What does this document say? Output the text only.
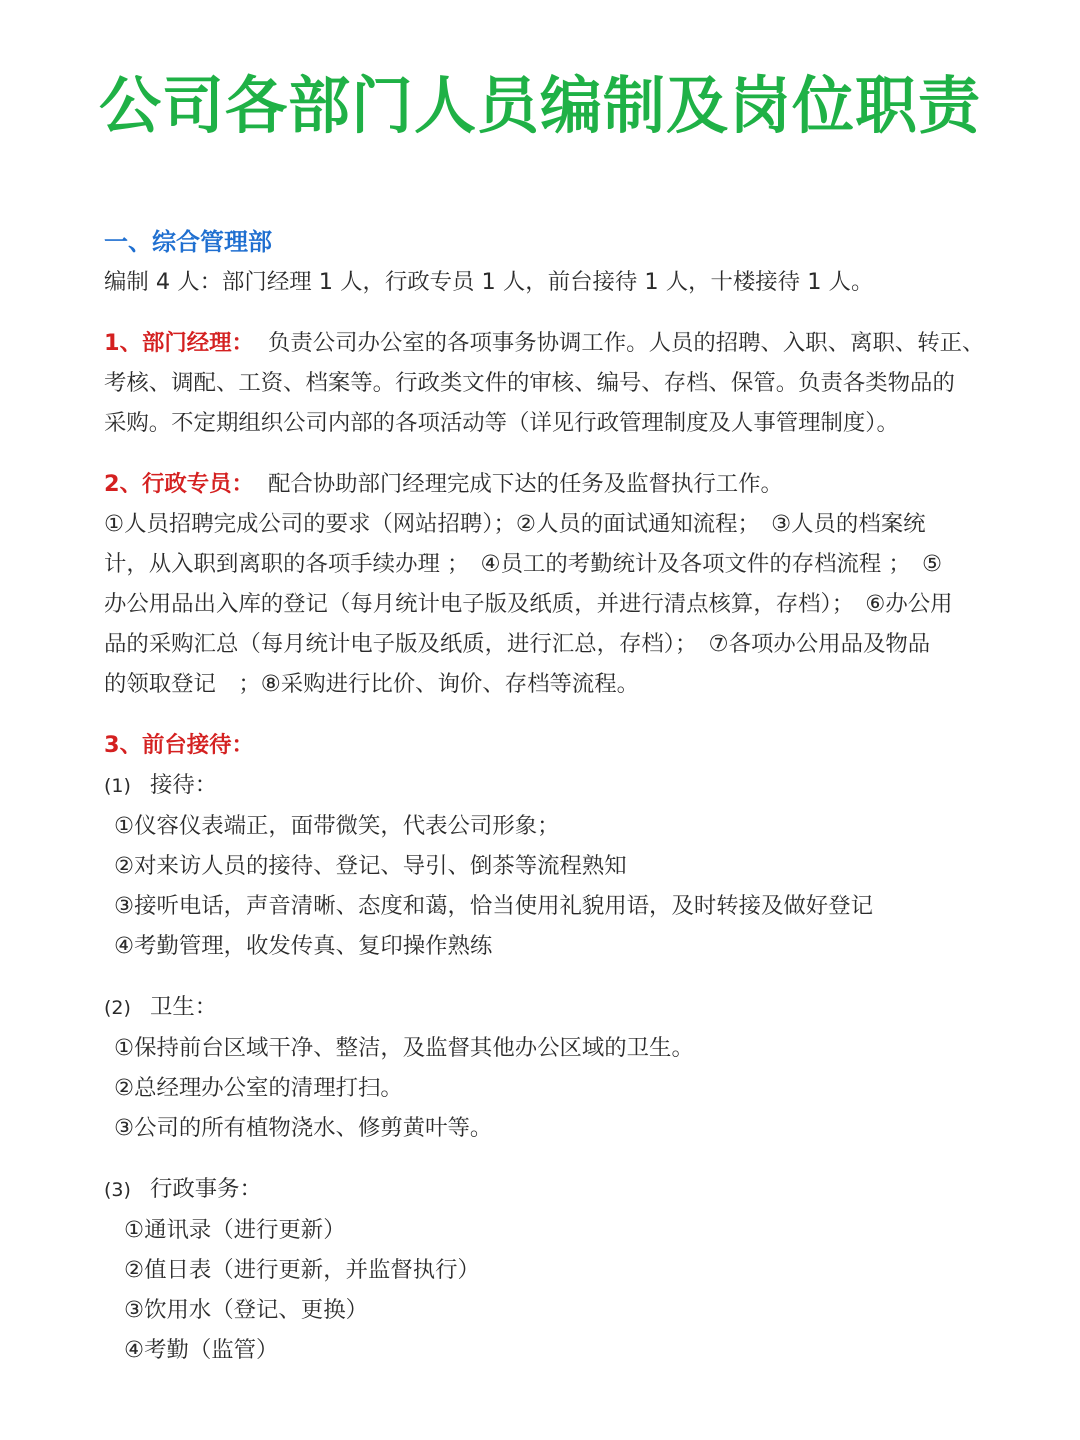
公司各部门人员编制及岗位职责
一、综合管理部
编制 4 人：部门经理 1 人，行政专员 1 人，前台接待 1 人，十楼接待 1 人。
1、部门经理： 负责公司办公室的各项事务协调工作。人员的招聘、入职、离职、转正、
考核、调配、工资、档案等。行政类文件的审核、编号、存档、保管。负责各类物品的
采购。不定期组织公司内部的各项活动等（详见行政管理制度及人事管理制度）。
2、行政专员： 配合协助部门经理完成下达的任务及监督执行工作。
①人员招聘完成公司的要求（网站招聘）；②人员的面试通知流程；　③人员的档案统
计，从入职到离职的各项手续办理 ；　④员工的考勤统计及各项文件的存档流程 ；　⑤
办公用品出入库的登记（每月统计电子版及纸质，并进行清点核算，存档）；　⑥办公用
品的采购汇总（每月统计电子版及纸质，进行汇总，存档）；　⑦各项办公用品及物品
的领取登记　；⑧采购进行比价、询价、存档等流程。
3、前台接待：
(1) 接待：
①仪容仪表端正，面带微笑，代表公司形象；
②对来访人员的接待、登记、导引、倒茶等流程熟知
③接听电话，声音清晰、态度和蔼，恰当使用礼貌用语，及时转接及做好登记
④考勤管理，收发传真、复印操作熟练
(2) 卫生：
①保持前台区域干净、整洁，及监督其他办公区域的卫生。
②总经理办公室的清理打扫。
③公司的所有植物浇水、修剪黄叶等。
(3) 行政事务：
①通讯录（进行更新）
②值日表（进行更新，并监督执行）
③饮用水（登记、更换）
④考勤（监管）
